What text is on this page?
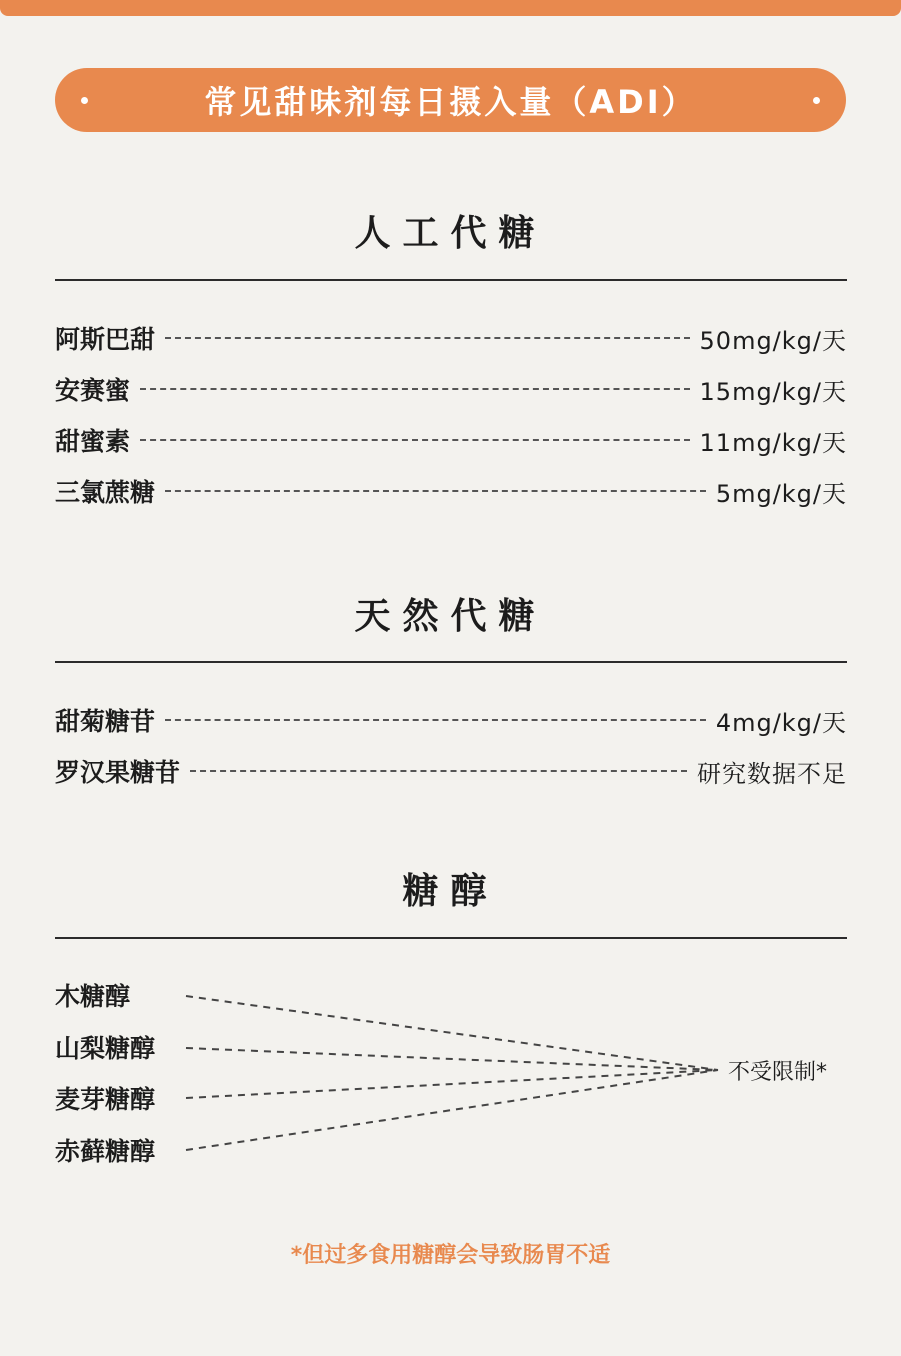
常见甜味剂每日摄入量（ADI）
人工代糖
阿斯巴甜	50mg/kg/天
安赛蜜	15mg/kg/天
甜蜜素	11mg/kg/天
三氯蔗糖	5mg/kg/天
天然代糖
甜菊糖苷	4mg/kg/天
罗汉果糖苷	研究数据不足
糖醇
木糖醇
山梨糖醇
麦芽糖醇
赤藓糖醇
不受限制*
*但过多食用糖醇会导致肠胃不适
